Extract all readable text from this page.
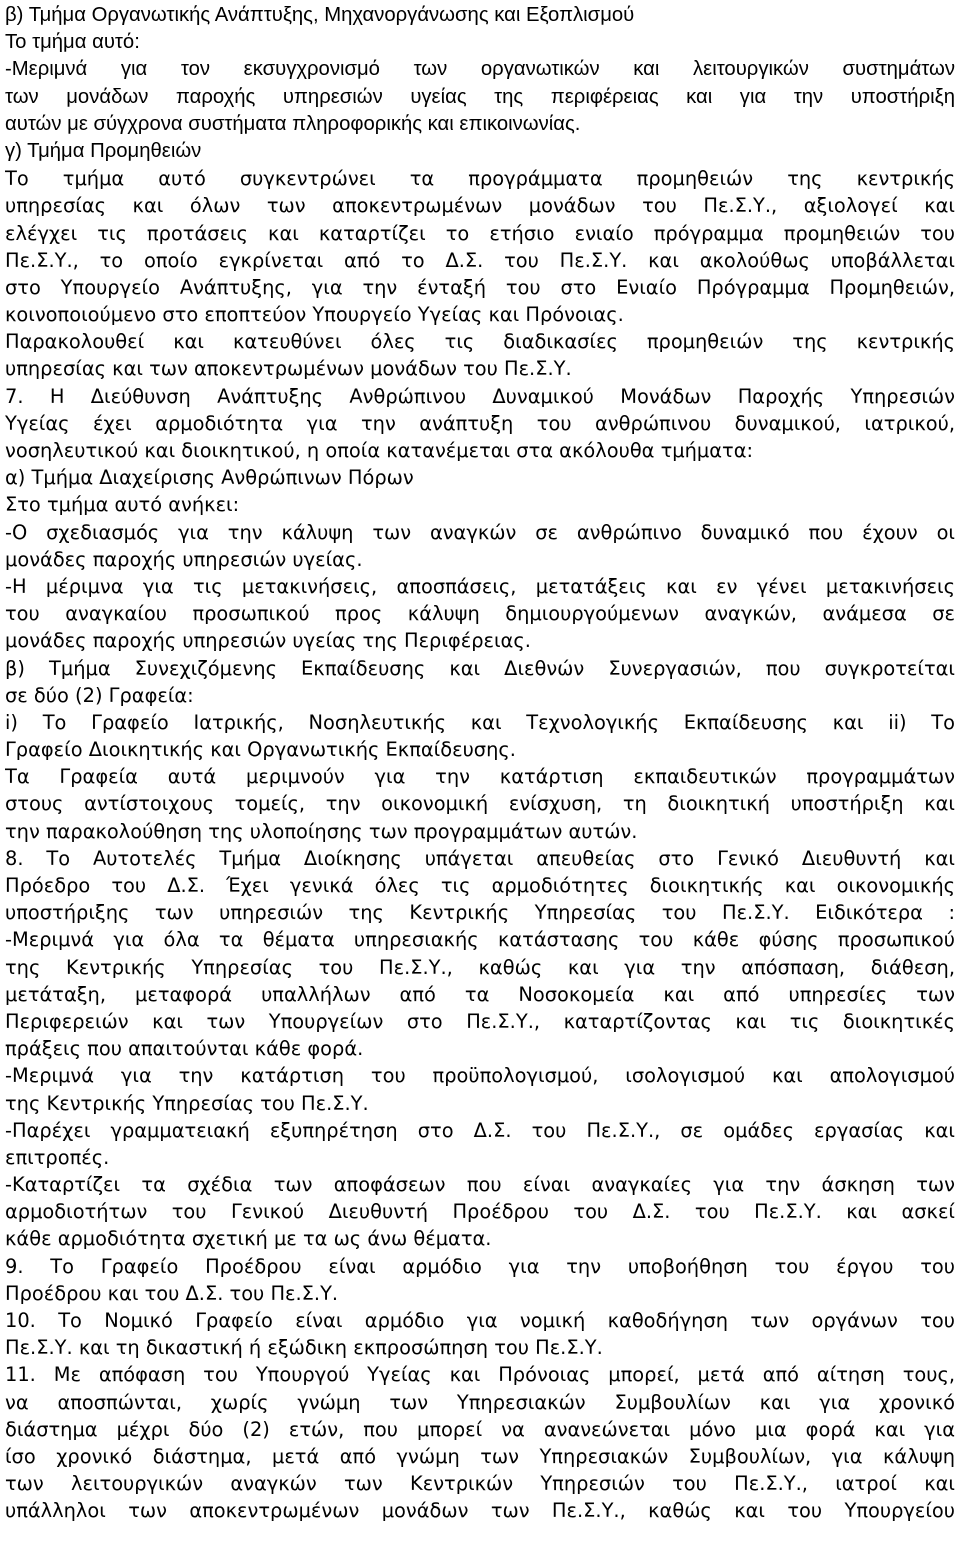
β) Τμήμα Οργανωτικής Ανάπτυξης, Μηχανοργάνωσης και Εξοπλισμού
Το τμήμα αυτό:
-Μεριμνά για τον εκσυγχρονισμό των οργανωτικών και λειτουργικών συστημάτων
των μονάδων παροχής υπηρεσιών υγείας της περιφέρειας και για την υποστήριξη
αυτών με σύγχρονα συστήματα πληροφορικής και επικοινωνίας.
γ) Τμήμα Προμηθειών
Το τμήμα αυτό συγκεντρώνει τα προγράμματα προμηθειών της κεντρικής
υπηρεσίας και όλων των αποκεντρωμένων μονάδων του Πε.Σ.Υ., αξιολογεί και
ελέγχει τις προτάσεις και καταρτίζει το ετήσιο ενιαίο πρόγραμμα προμηθειών του
Πε.Σ.Υ., το οποίο εγκρίνεται από το Δ.Σ. του Πε.Σ.Υ. και ακολούθως υποβάλλεται
στο Υπουργείο Ανάπτυξης, για την ένταξή του στο Ενιαίο Πρόγραμμα Προμηθειών,
κοινοποιούμενο στο εποπτεύον Υπουργείο Υγείας και Πρόνοιας.
Παρακολουθεί και κατευθύνει όλες τις διαδικασίες προμηθειών της κεντρικής
υπηρεσίας και των αποκεντρωμένων μονάδων του Πε.Σ.Υ.
7. Η Διεύθυνση Ανάπτυξης Ανθρώπινου Δυναμικού Μονάδων Παροχής Υπηρεσιών
Υγείας έχει αρμοδιότητα για την ανάπτυξη του ανθρώπινου δυναμικού, ιατρικού,
νοσηλευτικού και διοικητικού, η οποία κατανέμεται στα ακόλουθα τμήματα:
α) Τμήμα Διαχείρισης Ανθρώπινων Πόρων
Στο τμήμα αυτό ανήκει:
-Ο σχεδιασμός για την κάλυψη των αναγκών σε ανθρώπινο δυναμικό που έχουν οι
μονάδες παροχής υπηρεσιών υγείας.
-Η μέριμνα για τις μετακινήσεις, αποσπάσεις, μετατάξεις και εν γένει μετακινήσεις
του αναγκαίου προσωπικού προς κάλυψη δημιουργούμενων αναγκών, ανάμεσα σε
μονάδες παροχής υπηρεσιών υγείας της Περιφέρειας.
β) Τμήμα Συνεχιζόμενης Εκπαίδευσης και Διεθνών Συνεργασιών, που συγκροτείται
σε δύο (2) Γραφεία:
i) Το Γραφείο Ιατρικής, Νοσηλευτικής και Τεχνολογικής Εκπαίδευσης και ii) Το
Γραφείο Διοικητικής και Οργανωτικής Εκπαίδευσης.
Τα Γραφεία αυτά μεριμνούν για την κατάρτιση εκπαιδευτικών προγραμμάτων
στους αντίστοιχους τομείς, την οικονομική ενίσχυση, τη διοικητική υποστήριξη και
την παρακολούθηση της υλοποίησης των προγραμμάτων αυτών.
8. Το Αυτοτελές Τμήμα Διοίκησης υπάγεται απευθείας στο Γενικό Διευθυντή και
Πρόεδρο του Δ.Σ. Έχει γενικά όλες τις αρμοδιότητες διοικητικής και οικονομικής
υποστήριξης των υπηρεσιών της Κεντρικής Υπηρεσίας του Πε.Σ.Υ. Ειδικότερα :
-Μεριμνά για όλα τα θέματα υπηρεσιακής κατάστασης του κάθε φύσης προσωπικού
της Κεντρικής Υπηρεσίας του Πε.Σ.Υ., καθώς και για την απόσπαση, διάθεση,
μετάταξη, μεταφορά υπαλλήλων από τα Νοσοκομεία και από υπηρεσίες των
Περιφερειών και των Υπουργείων στο Πε.Σ.Υ., καταρτίζοντας και τις διοικητικές
πράξεις που απαιτούνται κάθε φορά.
-Μεριμνά για την κατάρτιση του προϋπολογισμού, ισολογισμού και απολογισμού
της Κεντρικής Υπηρεσίας του Πε.Σ.Υ.
-Παρέχει γραμματειακή εξυπηρέτηση στο Δ.Σ. του Πε.Σ.Υ., σε ομάδες εργασίας και
επιτροπές.
-Καταρτίζει τα σχέδια των αποφάσεων που είναι αναγκαίες για την άσκηση των
αρμοδιοτήτων του Γενικού Διευθυντή Προέδρου του Δ.Σ. του Πε.Σ.Υ. και ασκεί
κάθε αρμοδιότητα σχετική με τα ως άνω θέματα.
9. Το Γραφείο Προέδρου είναι αρμόδιο για την υποβοήθηση του έργου του
Προέδρου και του Δ.Σ. του Πε.Σ.Υ.
10. Το Νομικό Γραφείο είναι αρμόδιο για νομική καθοδήγηση των οργάνων του
Πε.Σ.Υ. και τη δικαστική ή εξώδικη εκπροσώπηση του Πε.Σ.Υ.
11. Με απόφαση του Υπουργού Υγείας και Πρόνοιας μπορεί, μετά από αίτηση τους,
να αποσπώνται, χωρίς γνώμη των Υπηρεσιακών Συμβουλίων και για χρονικό
διάστημα μέχρι δύο (2) ετών, που μπορεί να ανανεώνεται μόνο μια φορά και για
ίσο χρονικό διάστημα, μετά από γνώμη των Υπηρεσιακών Συμβουλίων, για κάλυψη
των λειτουργικών αναγκών των Κεντρικών Υπηρεσιών του Πε.Σ.Υ., ιατροί και
υπάλληλοι των αποκεντρωμένων μονάδων των Πε.Σ.Υ., καθώς και του Υπουργείου
